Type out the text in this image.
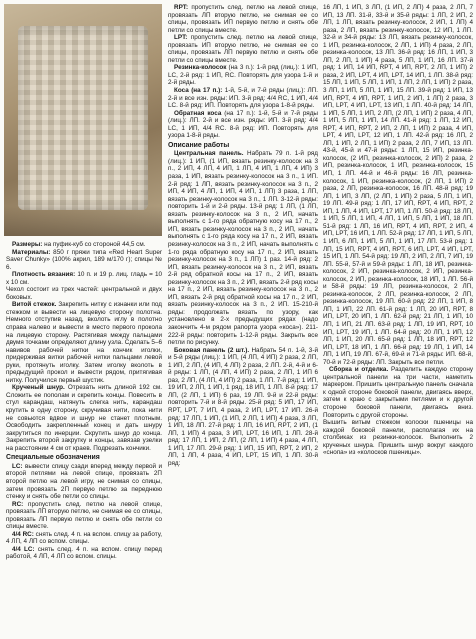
Размеры: на пуфик-куб со стороной 44,5 см.

Материалы: 850 г пряжи типа «Red Heart Super Saver Chunky» (100% акрил, 189 м/170 г); спицы № 6.

Плотность вязания: 10 п. и 19 р. лиц. гладь = 10 х 10 см.

Чехол состоит из трех частей: центральной и двух боковых.

Витой стежок. Закрепить нитку с изнанки или под стежком и вывести на лицевую сторону полотна. Немного отступив назад, вколоть иглу в полотно справа налево и вывести в место первого прокола на лицевую сторону. Растягивая между пальцами двумя точками определяют длину узла. Сделать 5–6 навивов рабочей нитки на кончик иголки, придерживая витки рабочей нитки пальцами левой руки, протянуть иголку. Затем иголку вколоть в предыдущий прокол и вывести рядом, притягивая нитку. Получился первый шустик.

Крученый шнур. Отрезать нить длиной 192 см. Сложить ее пополам и скрепить концы. Повесить в стул карандаш, натянуть слегка нить, карандаш крутить в одну сторону, скручивая нити, пока нити не совьются вдвое и шнур не станет плотным. Освободить закрепленный конец и дать шнуру закрутиться по инерции. Скрутить шнур до конца. Закрепить второй закрутку и концы, завязав узелки на расстоянии 4 см от краев. Подрезать кончики.

Специальные обозначения

LC: вывести спицу сзади вперед между первой и второй петлями на левой спице, провязать 2П второй петлю на левой игру, не снимая со спицы, затем провязать 2П первую петлю за переднюю стенку и снять обе петли со спицы.

RC: пропустить след. петлю на левой спице, провязать ЛП вторую петлю, не снимая ее со спицы, провязать ЛП первую петлю и снять обе петли со спицы вместе.

4/4 RC: снять след. 4 п. на вспом. спицу за работу, 4 ЛП, 4 ЛП со вспом. спицы.

4/4 LC: снять след. 4 п. на вспом. спицу перед работой, 4 ЛП, 4 ЛП со вспом. спицы.

RPT: пропустить след. петлю на левой спице, провязать ЛП вторую петлю, не снимая ее со спицы, провязать ИП первую петлю и снять обе петли со спицы вместе.

LPT: пропустить след. петлю на левой спице, провязать ИП вторую петлю, не снимая ее со спицы, провязать ЛП первую петлю и снять обе петли со спицы вместе.

Резинка-колосок (на 3 п.): 1-й ряд (лиц.): 1 ИП, LC, 2-й ряд: 1 ИП, RC. Повторять для узора 1-й и 2-й ряды.

Коса (на 17 п.): 1-й, 5-й, и 7-й ряды (лиц.): ЛП. 2-й и все изн. ряды: ИП. 3-й ряд: 4/4 RC, 1 ИП, 4/4 LC. 8-й ряд: ИП. Повторять для узора 1-8-й ряды.

Обратная коса (на 17 п.): 1-й, 5-й и 7-й ряды (лиц.): ЛП. 2-й и все изн. ряды: ИП. 3-й ряд: 4/4 LC, 1 ИП, 4/4 RC. 8-й ряд: ИП. Повторять для узора 1-8-й ряды.

Описание работы

Центральная панель. Набрать 79 п. 1-й ряд (лиц.): 1 ИП, (1 ИП, вязать резинку-колосок на 3 п., 2 ИП, 4 ЛП, 4 ИП, 1 ЛП, 4 ИП, 1 ЛП, 4 ИП) 3 раза, 1 ИП, вязать резинку-колосок на 3 п., 1 ИП. 2-й ряд: 1 ЛП, вязать резинку-колосок на 3 п., 2 ИП, 4 ИП, 4 ЛП, 1 ИП, 4 ИП, 1 ЛП) 3 раза, 1 ЛП, вязать резинку-колосок на 3 п., 1 ЛП. 3-12-й ряды: повторить 1-й и 2-й ряды. 13-й ряд: 1 ЛП, (1 ЛП, вязать резинку-колосок на 3 п., 2 ИП, начать выполнять с 1-го ряда обратную косу на 17 п., 2 ИП, вязать резинку-колосок на 3 п., 2 ИП, начать выполнять с 1-го ряда косу на 17 п., 2 ИП, вязать резинку-колосок на 3 п., 2 ИП, начать выполнять с 1-го ряда обратную косу на 17 п., 2 ИП, вязать резинку-колосок на 3 п., 1 ЛП) 1 раз. 14-й ряд: 2 ИП, вязать резинку-колосок на 3 п., 2 ИП, вязать 2-й ряд обратной косы на 17 п., 2 ИП, вязать резинку-колосок на 3 п., 2 ИП, вязать 2-й ряд косы на 17 п., 2 ИП, вязать резинку-колосок на 3 п., 2 ИП, вязать 2-й ряд обратной косы на 17 п., 2 ИП, вязать резинку-колосок на 3 п., 2 ИП. 15-210-й ряды: продолжать вязать по узору, как установлено в 2-х предыдущих рядах (надо закончить 4-м рядом рапорта узора «коса»). 211-222-й ряды: повторить 1-12-й ряды. Закрыть все петли по рисунку.

Боковая панель (2 шт.). Набрать 54 п. 1-й, 3-й и 5-й ряды (лиц.): 1 ИП, (4 ЛП, 4 ИП) 2 раза, 2 ЛП, 1 ИП, 2 ЛП, (4 ИП, 4 ЛП) 2 раза, 2 ЛП. 2-й, 4-й и 6-й ряды: 1 ЛП, (4 ЛП, 4 ИП) 2 раза, 2 ЛП, 1 ИП 6 раз, 2 ЛП, (4 ЛП, 4 ИП) 2 раза, 1 ЛП. 7-й ряд: 1 ИП, 19 ИП, 2 ЛП, 1 ИП, 1 ряд, 18 ИП, 1 ЛП. 8-й ряд: 17 ЛП, (2 ЛП, 1 ИП) 6 раз, 19 ЛП. 9-й и 22-й ряды: повторить 7-й и 8-й ряды. 25-й ряд: 5 ИП, 17 ИП, RPT, LPT, 7 ИП, 4 раза, 2 ИП, LPT, 17 ИП. 26-й ряд: 17 ЛП, 1 ИП, (1 ИП, 2 ЛП, 1 ИП) 4 раза, 3 ЛП, 1 ИП, 18 ЛП. 27-й ряд: 1 ЛП, 16 ИП, RPT, 2 ИП, (1 ЛП, 1 ИП) 4 раза, 3 ИП, LPT, 16 ИП, 1 ЛП. 28-й ряд: 17 ЛП, 1 ИП, 2 ЛП, (2 ЛП, 1 ИП) 4 раза, 4 ЛП, 1 ИП, 17 ЛП. 29-й ряд: 1 ИП, 15 ИП, RPT, 2 ИП, 2 ЛП, 1 ЛП, 4 раза, 4 ИП, LPT, 15 ИП, 1 ЛП. 30-й ряд:

16 ЛП, 1 ИП, 3 ЛП, (1 ИП, 2 ЛП) 4 раза, 2 ЛП, 7 ИП, 13 ЛП. 31-й, 33-й и 35-й ряды: 1 ЛП, 2 ИП, 2 ЛП, 1 ЛП, вязать резинку-колосок, 2 ИП, 1 ЛП) 4 раза, 2 ЛП, вязать резинку-колосок, 12 ИП, 1 ЛП. 32-й и 34-й ряды: 13 ЛП, вязать резинку-колосок, 1 ИП, резинка-колосок, 2 ЛП, 1 ИП) 4 раза, 2 ЛП, резинка-колосок, 13 ЛП. 36-й ряд: 16 ЛП, 1 ИП, 3 ЛП, 2 ЛП, 1 ИП) 4 раза, 5 ЛП, 1 ИП, 16 ЛП. 37-й ряд: 1 ИП, 14 ИП, RPT, 4 ИП, RPT, 2 ЛП, 1 ИП) 2 раза, 2 ИП, LPT, 4 ИП, LPT, 14 ИП, 1 ЛП. 38-й ряд: 15 ЛП, 1 ИП, 5 ЛП, 1 ИП, 1 ЛП, 2 ЛП, 1 ИП) 2 раза, 3 ЛП, 1 ИП, 5 ЛП, 1 ИП, 15 ЛП. 39-й ряд: 1 ИП, 13 ИП, RPT, 4 ИП, RPT, 1 ИП, 2 ИП, 1 ЛП) 2 раза, 3 ИП, LPT, 4 ИП, LPT, 13 ИП, 1 ЛП. 40-й ряд: 14 ЛП, 1 ИП, 5 ЛП, 1 ИП, 2 ЛП, (2 ЛП, 1 ИП) 2 раза, 4 ЛП, 1 ИП, 5 ЛП, 1 ИП, 14 ЛП. 41-й ряд: 1 ЛП, 12 ИП, RPT, 4 ИП, RPT, 2 ИП, 2 ЛП, 1 ИП) 2 раза, 4 ИП, LPT, 4 ИП, LPT, 12 ИП, 1 ЛП. 42-й ряд: 16 ЛП, 2 ЛП, 1 ИП, 2 ЛП, 1 ИП) 2 раза, 2 ЛП, 7 ИП, 13 ЛП. 43-й, 45-й и 47-й ряды: 1 ЛП, 15 ИП, резинка-колосок, (2 ИП, резинка-колосок, 2 ИП) 2 раза, 2 ИП, резинка-колосок, 1 ИП, резинка-колосок, 15 ИП, 1 ЛП. 44-й и 46-й ряды: 16 ЛП, резинка-колосок, 1 ИП, резинка-колосок, (2 ЛП, 1 ИП) 2 раза, 2 ЛП, резинка-колосок, 16 ЛП. 48-й ряд: 19 ЛП, 1 ИП, 3 ЛП, (2 ЛП, 1 ИП) 2 раза, 5 ЛП, 1 ИП, 19 ЛП. 49-й ряд: 1 ЛП, 17 ИП, RPT, 4 ИП, RPT, 2 ИП, 1 ЛП, 4 ИП, LPT, 17 ИП, 1 ЛП. 50-й ряд: 18 ЛП, 1 ИП, 5 ЛП, 1 ИП, 4 ЛП, 1 ИП, 5 ЛП, 1 ИП, 18 ЛП. 51-й ряд: 1 ЛП, 16 ИП, RPT, 4 ИП, RPT, 2 ИП, 4 ИП, LPT, 16 ИП, 1 ЛП. 52-й ряд: 17 ЛП, 1 ИП, 5 ЛП, 1 ИП, 6 ЛП, 1 ИП, 5 ЛП, 1 ИП, 17 ЛП. 53-й ряд: 1 ЛП, 15 ИП, RPT, 4 ИП, RPT, 6 ИП, LPT, 4 ИП, LPT, 15 ИП, 1 ЛП. 54-й ряд: 19 ЛП, 2 ИП, 2 ЛП, 7 ИП, 19 ЛП. 55-й, 57-й и 59-й ряды: 1 ЛП, 18 ИП, резинка-колосок, 2 ИП, резинка-колосок, 2 ИП, резинка-колосок, 2 ИП, резинка-колосок, 18 ИП, 1 ЛП. 56-й и 58-й ряды: 19 ЛП, резинка-колосок, 2 ЛП, резинка-колосок, 2 ЛП, резинка-колосок, 2 ЛП, резинка-колосок, 19 ЛП. 60-й ряд: 22 ЛП, 1 ИП, 8 ЛП, 1 ИП, 22 ЛП. 61-й ряд: 1 ЛП, 20 ИП, RPT, 8 ИП, LPT, 20 ИП, 1 ЛП. 62-й ряд: 21 ЛП, 1 ИП, 10 ЛП, 1 ИП, 21 ЛП. 63-й ряд: 1 ЛП, 19 ИП, RPT, 10 ИП, LPT, 19 ИП, 1 ЛП. 64-й ряд: 20 ЛП, 1 ИП, 12 ЛП, 1 ИП, 20 ЛП. 65-й ряд: 1 ЛП, 18 ИП, RPT, 12 ИП, LPT, 18 ИП, 1 ЛП. 66-й ряд: 19 ЛП, 1 ИП, 14 ЛП, 1 ИП, 19 ЛП. 67-й, 69-й и 71-й ряды: ИП. 68-й, 70-й и 72-й ряды: ЛП. Закрыть все петли.

Сборка и отделка. Разделить каждую сторону центральной панели на три части, наметить маркером. Пришить центральную панель сначала к одной стороне боковой панели, двигаясь вверх, затем к краю с закрытыми петлями и к другой стороне боковой панели, двигаясь вниз. Повторить с другой стороны.

Вышить витым стежком колоски пшеницы на каждой боковой панели, располагая их на столбиках из резинки-колосок. Выполнить 2 крученых шнура. Пришить шнур вокруг каждого «снопа» из «колосков пшеницы».
